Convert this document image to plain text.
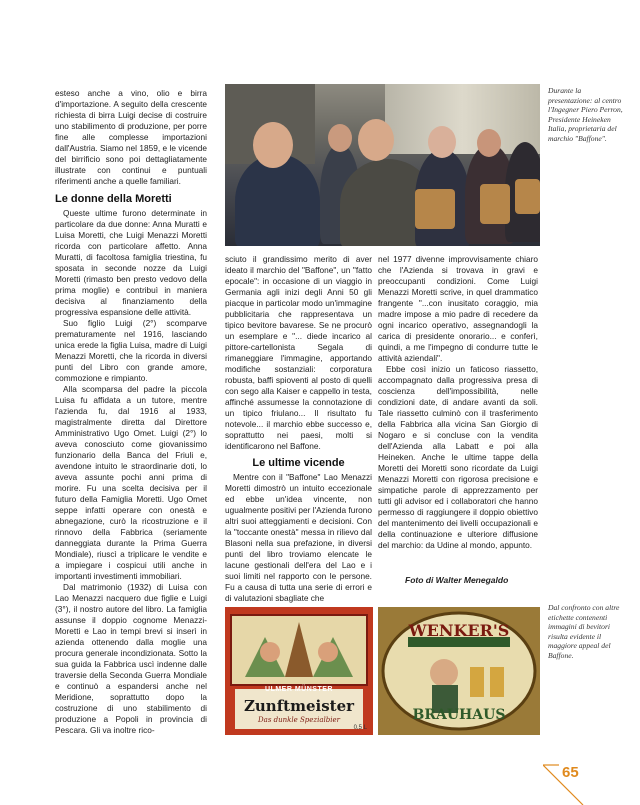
esteso anche a vino, olio e birra d'importazione. A seguito della crescente richiesta di birra Luigi decise di costruire uno stabilimento di produzione, per porre fine alle complesse importazioni dall'Austria. Siamo nel 1859, e le vicende del birrificio sono poi dettagliatamente illustrate con continui e puntuali riferimenti anche a quelle familiari.

Le donne della Moretti

Queste ultime furono determinate in particolare da due donne: Anna Muratti e Luisa Moretti, che Luigi Menazzi Moretti ricorda con particolare affetto. Anna Muratti, di facoltosa famiglia triestina, fu sposata in seconde nozze da Luigi Moretti (rimasto ben presto vedovo della prima moglie) e contribuì in maniera decisiva al finanziamento della progressiva espansione delle attività.

Suo figlio Luigi (2°) scomparve prematuramente nel 1916, lasciando unica erede la figlia Luisa, madre di Luigi Menazzi Moretti, che la ricorda in diversi punti del Libro con grande amore, commozione e rimpianto.

Alla scomparsa del padre la piccola Luisa fu affidata a un tutore, mentre l'azienda fu, dal 1916 al 1933, magistralmente diretta dal Direttore Amministrativo Ugo Omet. Luigi (2°) lo aveva conosciuto come giovanissimo funzionario della Banca del Friuli e, avendone intuito le straordinarie doti, lo aveva assunte pochi anni prima di morire. Fu una scelta decisiva per il futuro della Famiglia Moretti. Ugo Omet seppe infatti operare con onestà e abnegazione, curò la ricostruzione e il rinnovo della Fabbrica (seriamente danneggiata durante la Prima Guerra Mondiale), riuscì a triplicare le vendite e a impiegare i cospicui utili anche in importanti investimenti immobiliari.

Dal matrimonio (1932) di Luisa con Lao Menazzi nacquero due figlie e Luigi (3°), il nostro autore del libro. La famiglia assunse il doppio cognome Menazzi-Moretti e Lao in tempi brevi si inserì in azienda ottenendo dalla moglie una procura generale incondizionata. Sotto la sua guida la Fabbrica uscì indenne dalle traversie della Seconda Guerra Mondiale e continuò a espandersi anche nel Meridione, soprattutto dopo la costruzione di uno stabilimento di produzione a Popoli in provincia di Pescara. Gli va inoltre rico-

Durante la presentazione: al centro l'Ingegner Piero Perron, Presidente Heineken Italia, proprietaria del marchio "Baffone".

sciuto il grandissimo merito di aver ideato il marchio del "Baffone", un "fatto epocale": in occasione di un viaggio in Germania agli inizi degli Anni 50 gli piacque in particolar modo un'immagine pubblicitaria che rappresentava un tipico bevitore bavarese. Se ne procurò un esemplare e "... diede incarico al pittore-cartellonista Segala di rimaneggiare l'immagine, apportando modifiche sostanziali: corporatura robusta, baffi spioventi al posto di quelli con sego alla Kaiser e cappello in testa, affinché assumesse la connotazione di un tipico friulano... Il risultato fu notevole... il marchio ebbe successo e, soprattutto nei paesi, molti si identificarono nel Baffone.

Le ultime vicende

Mentre con il "Baffone" Lao Menazzi Moretti dimostrò un intuito eccezionale ed ebbe un'idea vincente, non ugualmente positivi per l'Azienda furono altri suoi atteggiamenti e decisioni. Con la "toccante onestà" messa in rilievo dal Blasoni nella sua prefazione, in diversi punti del libro troviamo elencate le lacune gestionali dell'era del Lao e i suoi limiti nel rapporto con le persone. Fu a causa di tutta una serie di errori e di valutazioni sbagliate che

nel 1977 divenne improvvisamente chiaro che l'Azienda si trovava in gravi e preoccupanti condizioni. Come Luigi Menazzi Moretti scrive, in quel drammatico frangente "...con inusitato coraggio, mia madre impose a mio padre di recedere da ogni incarico operativo, assegnandogli la carica di presidente onorario... e conferì, quindi, a me l'impegno di condurre tutte le attività aziendali".

Ebbe così inizio un faticoso riassetto, accompagnato dalla progressiva presa di coscienza dell'impossibilità, nelle condizioni date, di andare avanti da soli. Tale riassetto culminò con il trasferimento della Fabbrica alla vicina San Giorgio di Nogaro e si concluse con la vendita dell'Azienda alla Labatt e poi alla Heineken. Anche le ultime tappe della Moretti dei Moretti sono ricordate da Luigi Menazzi Moretti con rigorosa precisione e simpatiche parole di apprezzamento per tutti gli advisor ed i collaboratori che hanno permesso di raggiungere il doppio obiettivo del mantenimento dei livelli occupazionali e della continuazione e ulteriore diffusione del marchio: da Udine al mondo, appunto.

Foto di Walter Menegaldo
ULMER MÜNSTER
Zunftmeister
Das dunkle Spezialbier
0,5 L
WENKER'S
BRAUHAUS
Dal confronto con altre etichette contenenti immagini di bevitori risulta evidente il maggiore appeal del Baffone.
65
